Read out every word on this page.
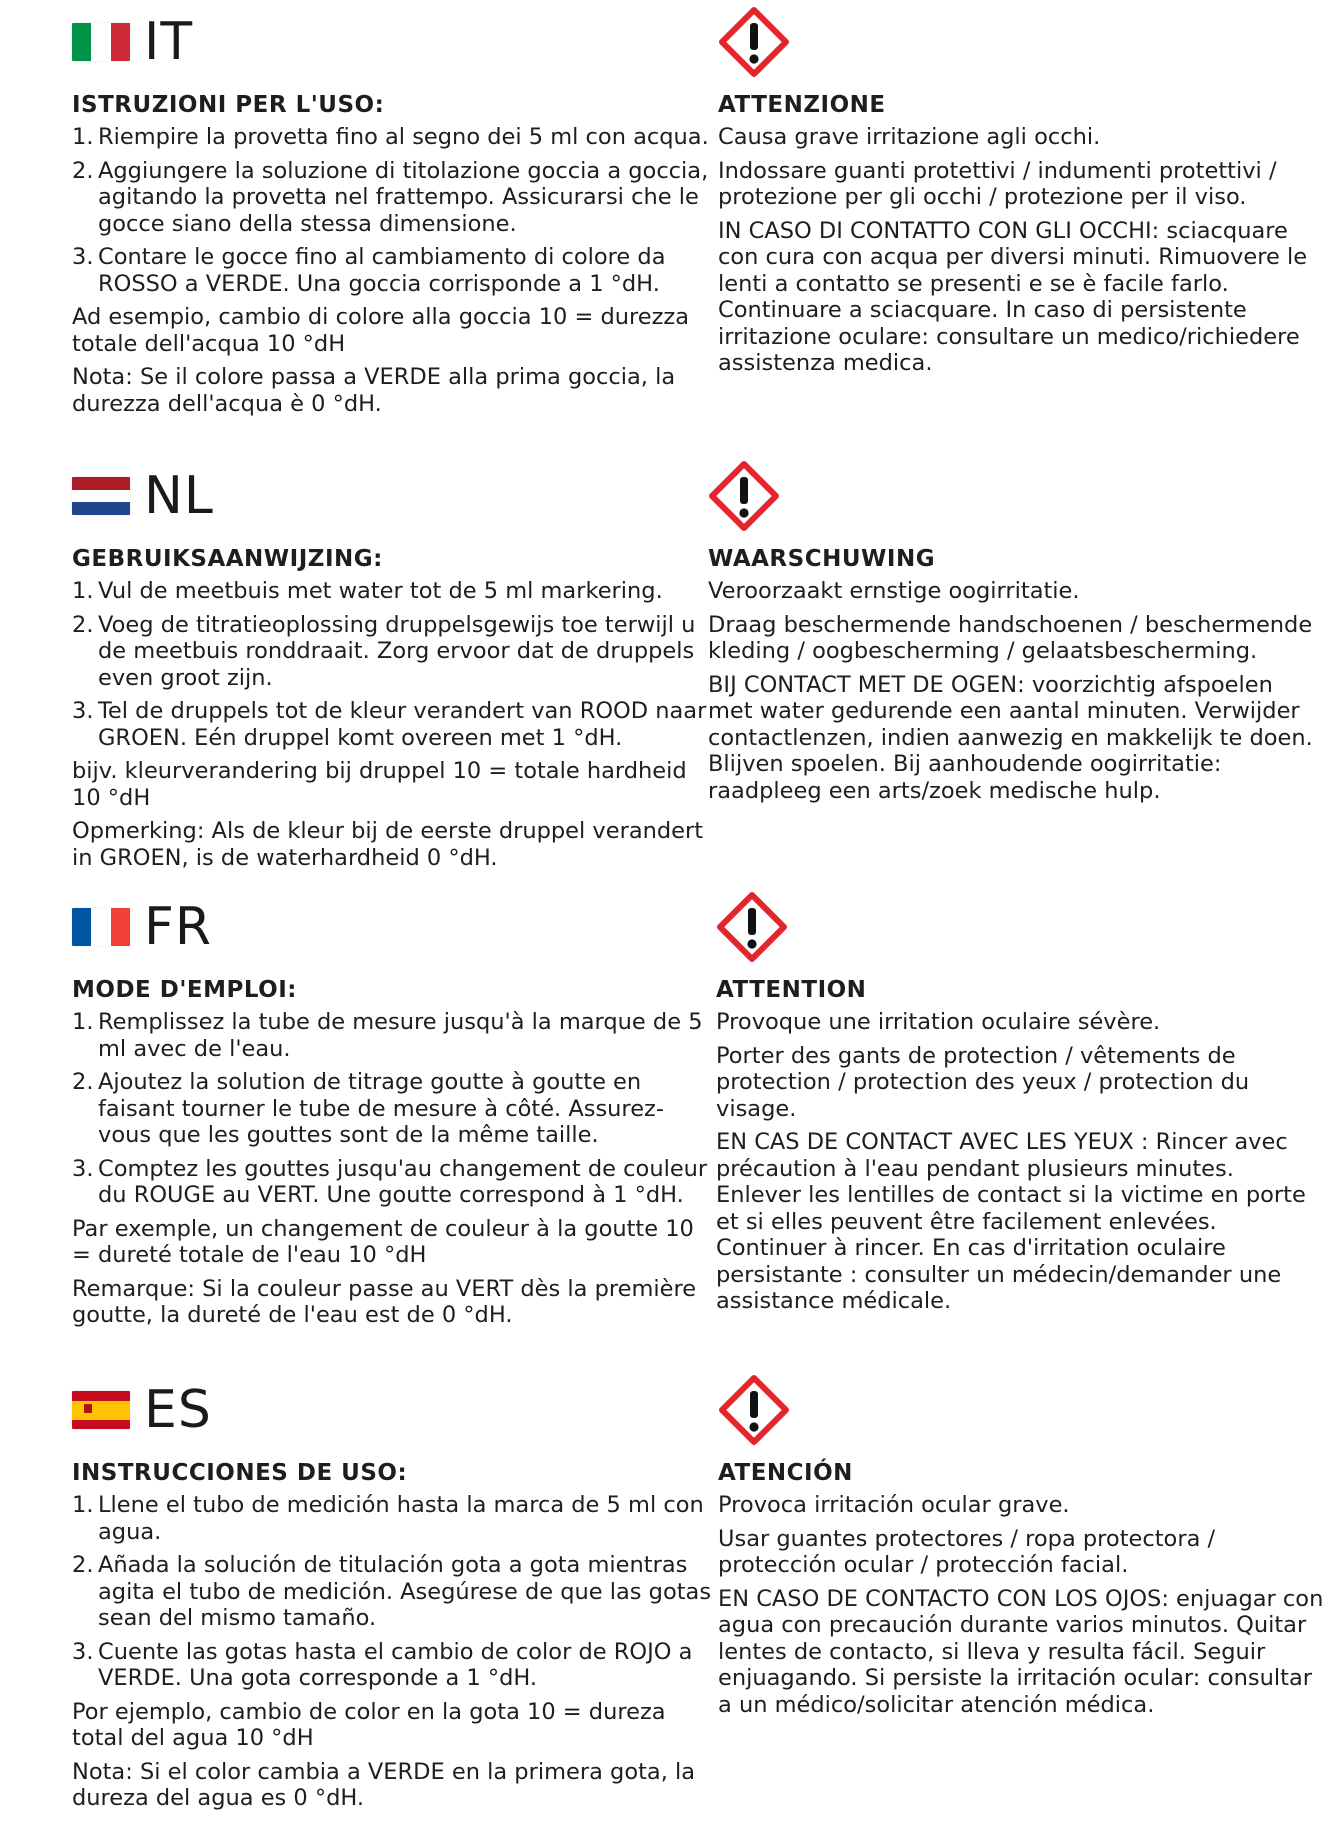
IT
ISTRUZIONI PER L'USO:
1. Riempire la provetta fino al segno dei 5 ml con acqua.
2. Aggiungere la soluzione di titolazione goccia a goccia, agitando la provetta nel frattempo. Assicurarsi che le gocce siano della stessa dimensione.
3. Contare le gocce fino al cambiamento di colore da ROSSO a VERDE. Una goccia corrisponde a 1 °dH.
Ad esempio, cambio di colore alla goccia 10 = durezza totale dell'acqua 10 °dH
Nota: Se il colore passa a VERDE alla prima goccia, la durezza dell'acqua è 0 °dH.
ATTENZIONE
Causa grave irritazione agli occhi.
Indossare guanti protettivi / indumenti protettivi / protezione per gli occhi / protezione per il viso.
IN CASO DI CONTATTO CON GLI OCCHI: sciacquare con cura con acqua per diversi minuti. Rimuovere le lenti a contatto se presenti e se è facile farlo. Continuare a sciacquare. In caso di persistente irritazione oculare: consultare un medico/richiedere assistenza medica.
NL
GEBRUIKSAANWIJZING:
1. Vul de meetbuis met water tot de 5 ml markering.
2. Voeg de titratieoplossing druppelsgewijs toe terwijl u de meetbuis ronddraait. Zorg ervoor dat de druppels even groot zijn.
3. Tel de druppels tot de kleur verandert van ROOD naar GROEN. Eén druppel komt overeen met 1 °dH.
bijv. kleurverandering bij druppel 10 = totale hardheid 10 °dH
Opmerking: Als de kleur bij de eerste druppel verandert in GROEN, is de waterhardheid 0 °dH.
WAARSCHUWING
Veroorzaakt ernstige oogirritatie.
Draag beschermende handschoenen / beschermende kleding / oogbescherming / gelaatsbescherming.
BIJ CONTACT MET DE OGEN: voorzichtig afspoelen met water gedurende een aantal minuten. Verwijder contactlenzen, indien aanwezig en makkelijk te doen. Blijven spoelen. Bij aanhoudende oogirritatie: raadpleeg een arts/zoek medische hulp.
FR
MODE D'EMPLOI:
1. Remplissez la tube de mesure jusqu'à la marque de 5 ml avec de l'eau.
2. Ajoutez la solution de titrage goutte à goutte en faisant tourner le tube de mesure à côté. Assurez-vous que les gouttes sont de la même taille.
3. Comptez les gouttes jusqu'au changement de couleur du ROUGE au VERT. Une goutte correspond à 1 °dH.
Par exemple, un changement de couleur à la goutte 10 = dureté totale de l'eau 10 °dH
Remarque: Si la couleur passe au VERT dès la première goutte, la dureté de l'eau est de 0 °dH.
ATTENTION
Provoque une irritation oculaire sévère.
Porter des gants de protection / vêtements de protection / protection des yeux / protection du visage.
EN CAS DE CONTACT AVEC LES YEUX : Rincer avec précaution à l'eau pendant plusieurs minutes. Enlever les lentilles de contact si la victime en porte et si elles peuvent être facilement enlevées. Continuer à rincer. En cas d'irritation oculaire persistante : consulter un médecin/demander une assistance médicale.
ES
INSTRUCCIONES DE USO:
1. Llene el tubo de medición hasta la marca de 5 ml con agua.
2. Añada la solución de titulación gota a gota mientras agita el tubo de medición. Asegúrese de que las gotas sean del mismo tamaño.
3. Cuente las gotas hasta el cambio de color de ROJO a VERDE. Una gota corresponde a 1 °dH.
Por ejemplo, cambio de color en la gota 10 = dureza total del agua 10 °dH
Nota: Si el color cambia a VERDE en la primera gota, la dureza del agua es 0 °dH.
ATENCIÓN
Provoca irritación ocular grave.
Usar guantes protectores / ropa protectora / protección ocular / protección facial.
EN CASO DE CONTACTO CON LOS OJOS: enjuagar con agua con precaución durante varios minutos. Quitar lentes de contacto, si lleva y resulta fácil. Seguir enjuagando. Si persiste la irritación ocular: consultar a un médico/solicitar atención médica.
